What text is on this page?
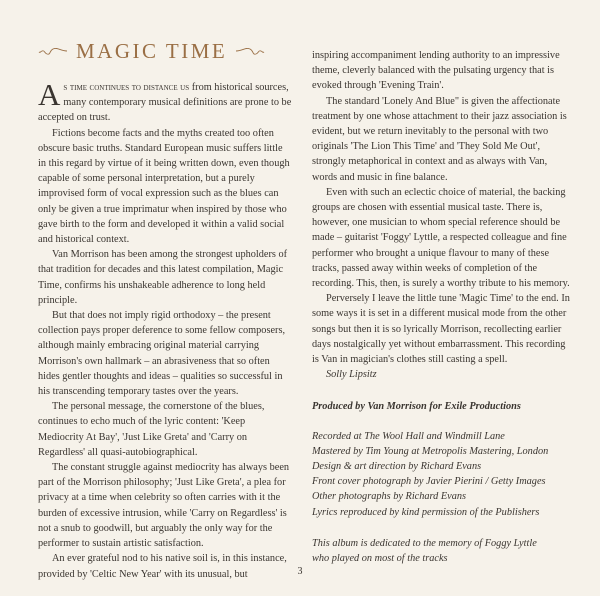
MAGIC TIME

As time continues to distance us from historical sources, many contemporary musical definitions are prone to be accepted on trust.

Fictions become facts and the myths created too often obscure basic truths. Standard European music suffers little in this regard by virtue of it being written down, even though capable of some personal interpretation, but a purely improvised form of vocal expression such as the blues can only be given a true imprimatur when inspired by those who gave birth to the form and developed it within a valid social and historical context.

Van Morrison has been among the strongest upholders of that tradition for decades and this latest compilation, Magic Time, confirms his unshakeable adherence to long held principle.

But that does not imply rigid orthodoxy – the present collection pays proper deference to some fellow composers, although mainly embracing original material carrying Morrison's own hallmark – an abrasiveness that so often hides gentler thoughts and ideas – qualities so successful in his transcending temporary tastes over the years.

The personal message, the cornerstone of the blues, continues to echo much of the lyric content: 'Keep Mediocrity At Bay', 'Just Like Greta' and 'Carry on Regardless' all quasi-autobiographical.

The constant struggle against mediocrity has always been part of the Morrison philosophy; 'Just Like Greta', a plea for privacy at a time when celebrity so often carries with it the burden of excessive intrusion, while 'Carry on Regardless' is not a snub to goodwill, but arguably the only way for the performer to sustain artistic satisfaction.

An ever grateful nod to his native soil is, in this instance, provided by 'Celtic New Year' with its unusual, but

inspiring accompaniment lending authority to an impressive theme, cleverly balanced with the pulsating urgency that is evoked through 'Evening Train'.

The standard 'Lonely And Blue" is given the affectionate treatment by one whose attachment to their jazz association is evident, but we return inevitably to the personal with two originals 'The Lion This Time' and 'They Sold Me Out', strongly metaphorical in context and as always with Van, words and music in fine balance.

Even with such an eclectic choice of material, the backing groups are chosen with essential musical taste. There is, however, one musician to whom special reference should be made – guitarist 'Foggy' Lyttle, a respected colleague and fine performer who brought a unique flavour to many of these tracks, passed away within weeks of completion of the recording. This, then, is surely a worthy tribute to his memory.

Perversely I leave the little tune 'Magic Time' to the end. In some ways it is set in a different musical mode from the other songs but then it is so lyrically Morrison, recollecting earlier days nostalgically yet without embarrassment. This recording is Van in magician's clothes still casting a spell.

Solly Lipsitz

Produced by Van Morrison for Exile Productions

Recorded at The Wool Hall and Windmill Lane

Mastered by Tim Young at Metropolis Mastering, London

Design & art direction by Richard Evans

Front cover photograph by Javier Pierini / Getty Images

Other photographs by Richard Evans

Lyrics reproduced by kind permission of the Publishers

This album is dedicated to the memory of Foggy Lyttle
who played on most of the tracks
3
